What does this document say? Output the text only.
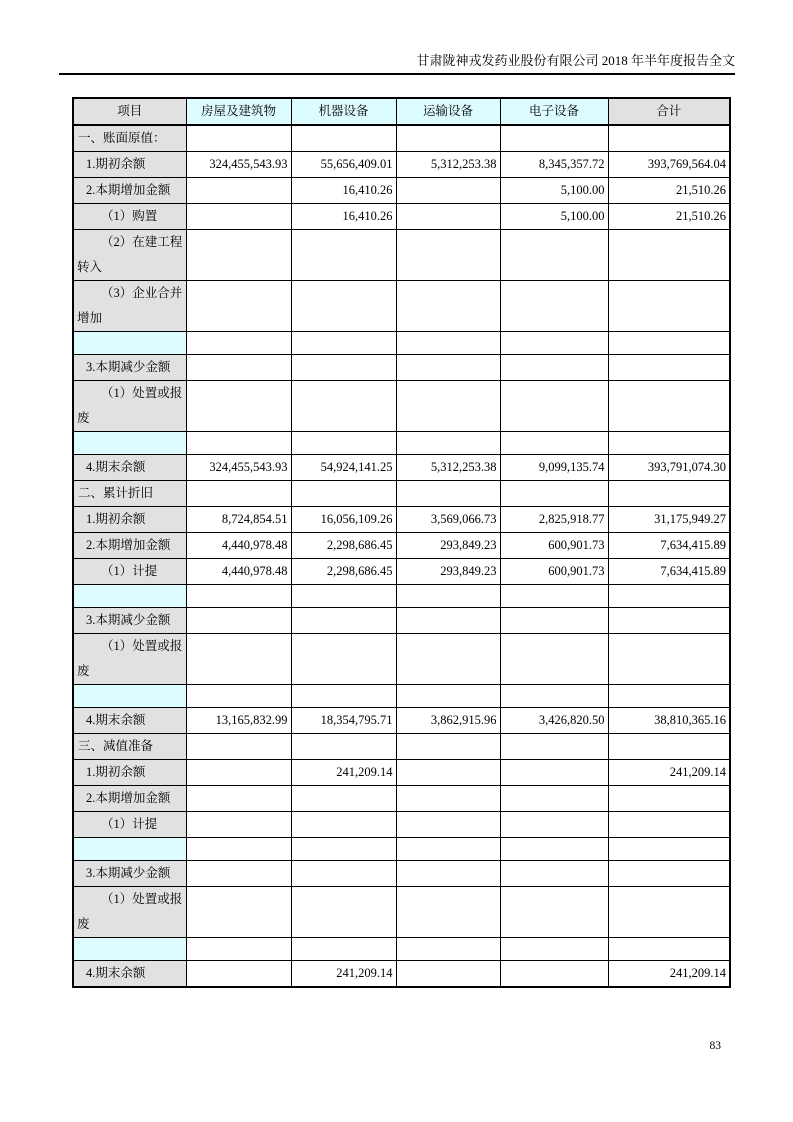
甘肃陇神戎发药业股份有限公司 2018 年半年度报告全文
项目	房屋及建筑物	机器设备	运输设备	电子设备	合计
一、账面原值：					
1.期初余额	324,455,543.93	55,656,409.01	5,312,253.38	8,345,357.72	393,769,564.04
2.本期增加金额		16,410.26		5,100.00	21,510.26
（1）购置		16,410.26		5,100.00	21,510.26
（2）在建工程转入					
（3）企业合并增加					

3.本期减少金额					
（1）处置或报废					

4.期末余额	324,455,543.93	54,924,141.25	5,312,253.38	9,099,135.74	393,791,074.30
二、累计折旧					
1.期初余额	8,724,854.51	16,056,109.26	3,569,066.73	2,825,918.77	31,175,949.27
2.本期增加金额	4,440,978.48	2,298,686.45	293,849.23	600,901.73	7,634,415.89
（1）计提	4,440,978.48	2,298,686.45	293,849.23	600,901.73	7,634,415.89

3.本期减少金额					
（1）处置或报废					

4.期末余额	13,165,832.99	18,354,795.71	3,862,915.96	3,426,820.50	38,810,365.16
三、减值准备					
1.期初余额		241,209.14			241,209.14
2.本期增加金额					
（1）计提					

3.本期减少金额					
（1）处置或报废					

4.期末余额		241,209.14			241,209.14
83
